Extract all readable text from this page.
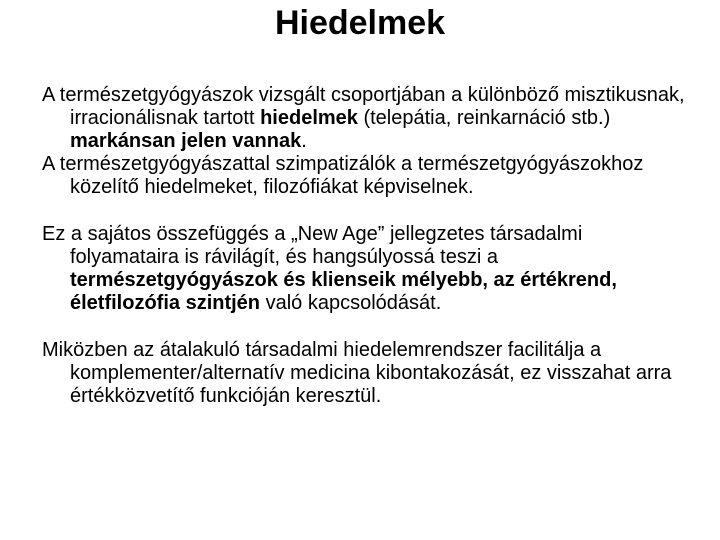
Hiedelmek

A természetgyógyászok vizsgált csoportjában a különböző misztikusnak, irracionálisnak tartott hiedelmek (telepátia, reinkarnáció stb.) markánsan jelen vannak.

A természetgyógyászattal szimpatizálók a természetgyógyászokhoz közelítő hiedelmeket, filozófiákat képviselnek.

Ez a sajátos összefüggés a „New Age” jellegzetes társadalmi folyamataira is rávilágít, és hangsúlyossá teszi a természetgyógyászok és klienseik mélyebb, az értékrend, életfilozófia szintjén való kapcsolódását.

Miközben az átalakuló társadalmi hiedelemrendszer facilitálja a komplementer/alternatív medicina kibontakozását, ez visszahat arra értékközvetítő funkcióján keresztül.
